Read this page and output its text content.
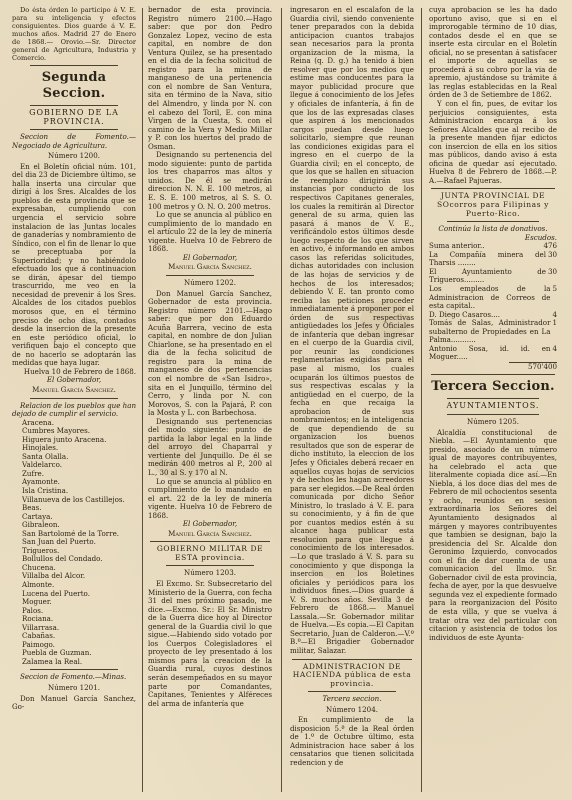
Do ésta órden lo participo á V. E. para su inteligencia y efectos consiguientes. Dios guarde á V. E. muchos años. Madrid 27 de Enero de 1868.— Orovio.—Sr. Director general de Agricultura, Industria y Comercio.

Segunda Seccion.
GOBIERNO DE LA PROVINCIA.

Seccion de Fomento.—Negociado de Agricultura.

Número 1200.

En el Boletín oficial núm. 101, del dia 23 de Diciembre último, se halla inserta una circular que dirigí á los Sres. Alcaldes de los pueblos de esta provincia que se expresaban, cumpliendo con urgencia el servicio sobre instalacion de las Juntas locales de ganaderías y nombramiento de Síndico, con el fin de llenar lo que se preceptuaba por la Superioridad; y no habiéndolo efectuado los que á continuacion se dirán, ápesar del tiempo trascurrido, me veo en la necesidad de prevenir á los Sres. Alcaldes de los citados pueblos morosos que, en el término preciso de ocho dias, contados desde la insercion de la presente en este periódico oficial, lo verifiquen bajo el concepto que de no hacerlo se adoptarán las medidas que haya lugar.

Huelva 10 de Febrero de 1868.

El Gobernador,
Manuel García Sanchez.

Relacion de los pueblos que han dejado de cumplir el servicio.

Aracena.
Cumbres Mayores.
Higuera junto Aracena.
Hinojales.
Santa Olalla.
Valdelarco.
Zufre.
Ayamonte.
Isla Cristina.
Villanueva de los Castillejos.
Beas.
Cartaya.
Gibraleon.
San Bartolomé de la Torre.
San Juan del Puerto.
Trigueros.
Bollullos del Condado.
Chucena.
Villalba del Alcor.
Almonte.
Lucena del Puerto.
Moguer.
Palos.
Rociana.
Villarrasa.
Cabañas.
Paimogo.
Puebla de Guzman.
Zalamea la Real.

Seccion de Fomento.—Minas.

Número 1201.

Don Manuel García Sanchez, Go-

bernador de esta provincia. Registro número 2100.—Hago saber: que por don Pedro Gonzalez Lopez, vecino de esta capital, en nombre de don Ventura Quilez, se ha presentado en el dia de la fecha solicitud de registro para la mina de manganeso de una pertenencia con el nombre de San Ventura, sita en término de la Nava, sitio del Almendro, y linda por N. con el cabezo del Toril, E. con mina Virgen de la Cuesta, S. con el camino de la Vera y Medio Millar y P. con los huertos del prado de Osman.

Designando su pertenencia del modo siguiente: punto de partida los tres chaparros mas altos y unidos. De él se medirán direccion N. N. E. 100 metros, al E. S. E. 100 metros, al S. S. O. 100 metros y O. N. O. 200 metros.

Lo que se anuncia al público en cumplimiento de lo mandado en el artículo 22 de la ley de minería vigente. Huelva 10 de Febrero de 1868.

El Gobernador,
Manuel García Sanchez.
Número 1202.

Don Manuel García Sanchez, Gobernador de esta provincia. Registro número 2101.—Hago saber: que por don Eduardo Acuña Barrera, vecino de esta capital, en nombre de don Julian Chiarlone, se ha presentado en el dia de la fecha solicitud de registro para la mina de manganeso de dos pertenencias con el nombre de «San Isidro», sita en el Junquillo, término del Cerro, y linda por N. con Morovos, S. con la Pajará, P. con la Mosta y L. con Barbechosa.

Designando sus pertenencias del modo siguiente: punto de partida la labor legal en la linde del arroyo del Chaparral y vertiente del Junquillo. De él se medirán 400 metros al P., 200 al L., 30 al S. y 170 al N.

Lo que se anuncia al público en cumplimiento de lo mandado en el art. 22 de la ley de minería vigente. Huelva 10 de Febrero de 1868.

El Gobernador,
Manuel García Sanchez.
GOBIERNO MILITAR DE ESTA provincia.
Número 1203.

El Excmo. Sr. Subsecretario del Ministerio de la Guerra, con fecha 31 del mes próximo pasado, me dice.—Excmo. Sr.: El Sr. Ministro de la Guerra dice hoy al Director general de la Guardia civil lo que sigue.—Habiendo sido votado por los Cuerpos Colegisladores el proyecto de ley presentado á los mismos para la creacion de la Guardia rural, cuyos destinos serán desempeñados en su mayor parte por Comandantes, Capitanes, Tenientes y Alféreces del arma de infantería que

ingresaron en el escalafon de la Guardia civil, siendo conveniente tener preparados con la debida anticipacion cuantos trabajos sean necesarios para la pronta organizacion de la misma, la Reina (q. D. g.) ha tenido á bien resolver que por los medios que estime mas conducentes para la mayor publicidad procure que llegue á conocimiento de los Jefes y oficiales de infantería, á fin de que los de las expresadas clases que aspiren á los mencionados cargos puedan desde luego solicitarlo, siempre que reunan las condiciones exigidas para el ingreso en el cuerpo de la Guardia civil; en el concepto, de que los que se hallen en situacion de reemplazo dirigirán sus instancias por conducto de los respectivos Capitanes generales, los cuales la remitirán al Director general de su arma, quien las pasará á manos de V. E., verificándolo estos últimos desde luego respecto de los que sirven en activo, é informando en ambos casos las referidas solicitudes, dichas autoridades con inclusion de las hojas de servicios y de hechos de los interesados; debiendo V. E. tan pronto como reciba las peticiones proceder inmediatamente á proponer por el órden de sus respectivas antigüedades los Jefes y Oficiales de infantería que deban ingresar en el cuerpo de la Guardia civil, por reunir las condiciones reglamentarias exigidas para el pase al mismo, los cuales ocuparán los últimos puestos de sus respectivas escalas y la antigüedad en el cuerpo, de la fecha en que recaiga la aprobacion de sus nombramientos; en la inteligencia de que dependiendo de su organizacion los buenos resultados que son de esperar de dicho instituto, la eleccion de los Jefes y Oficiales deberá recaer en aquellos cuyas hojas de servicios y de hechos les hagan acreedores para ser elegidos.—De Real órden comunicada por dicho Señor Ministro, lo traslado á V. E. para su conocimiento, y á fin de que por cuantos medios estén á su alcance haga publicar esta resolucion para que llegue á conocimiento de los interesados.—Lo que traslado á V. S. para su conocimiento y que disponga la insercion en los Boletines oficiales y periódicos para los individuos fines.—Dios guarde á V. S. muchos años. Sevilla 3 de Febrero de 1868.— Manuel Lassala.—Sr. Gobernador militar de Huelva.—Es copia.—El Capitan Secretario, Juan de Calderon.—V.º B.º—El Brigadier Gobernador militar, Salazar.

ADMINISTRACION DE HACIENDA pública de esta provincia.
Tercera seccion.
Número 1204.

En cumplimiento de la disposicion 5.ª de la Real órden de 1.º de Octubre último, esta Administracion hace saber á los censatarios que tienen solicitada redencion y de

cuya aprobacion se les ha dado oportuno aviso, que si en el improrogable término de 10 dias, contados desde el en que se inserte esta circular en el Boletín oficial, no se presentan á satisfacer el importe de aquellas se procederá á su cobro por la via de apremio, ajustándose su trámite á las reglas establecidas en la Real órden de 3 de Setiembre de 1862.

Y con el fin, pues, de evitar los perjuicios consiguientes, esta Administracion encarga á los Señores Alcaldes que al recibo de la presente manden fijar edictos con insercion de ella en los sitios mas públicos, dando aviso á esta oficina de quedar así ejecutado. Huelva 8 de Febrero de 1868.—P. A.—Rafael Pajueras.

JUNTA PROVINCIAL DE SOcorros para Filipinas y Puerto-Rico.
Continúa la lista de donativos.
Escudos.
Suma anterior..	476
La Compañía minera del Tharsis ........
30
El Ayuntamiento de Trigueros.........
30
Los empleados de la Administracion de Correos de esta capital..
5
D. Diego Casaros....	4
Tomás de Salas, Administrador subalterno de Propiedades en La Palma...........
1
Antonio Sosa, id. id. en Moguer.....
4
570'400
Tercera Seccion.
AYUNTAMIENTOS.
Número 1205.

Alcaldía constitucional de Niebla. —El Ayuntamiento que presido, asociado de un número igual de mayores contribuyentes, ha celebrado el acta que literalmente copiada dice así.—En Niebla, á los doce dias del mes de Febrero de mil ochocientos sesenta y ocho, reunidos en sesion extraordinaria los Señores del Ayuntamiento designados al márgen y mayores contribuyentes que tambien se designan, bajo la presidencia del Sr. Alcalde don Geronimo Izquierdo, convocados con el fin de dar cuenta de una comunicacion del Ilmo. Sr. Gobernador civil de esta provincia, fecha de ayer, por la que desvuelve segunda vez el expediente formado para la reorganizacion del Pósito de esta villa, y que se vuelva á tratar otra vez del particular con citacion y asistencia de todos los individuos de este Ayunta-
